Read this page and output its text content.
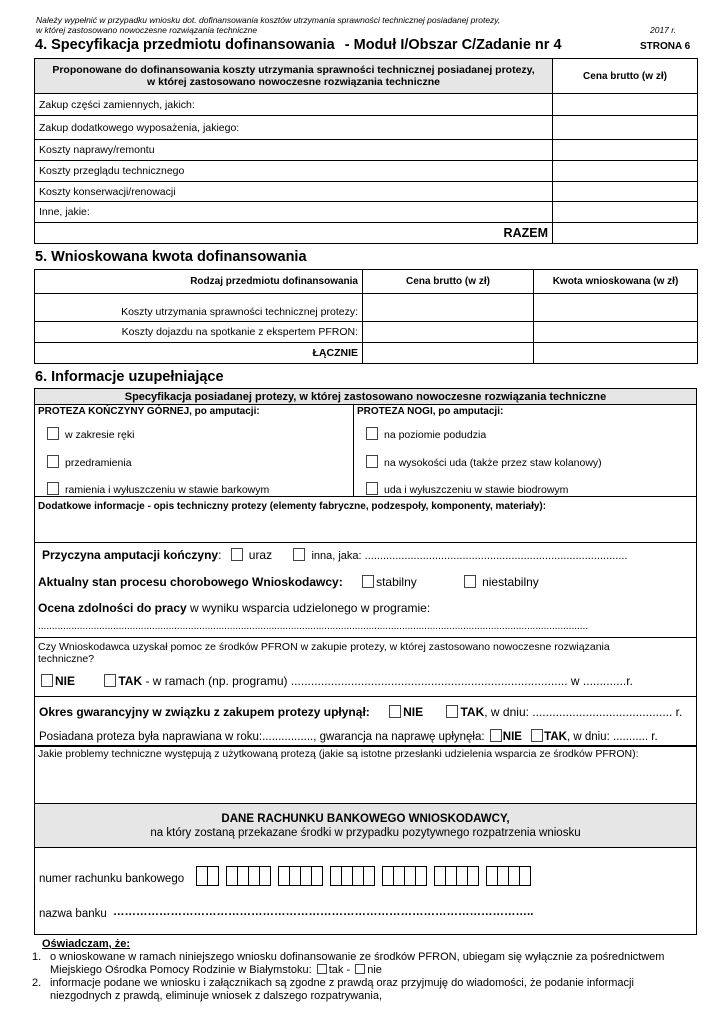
Należy wypełnić w przypadku wniosku dot. dofinansowania kosztów utrzymania sprawności technicznej posiadanej protezy,
w której zastosowano nowoczesne rozwiązania techniczne	2017 r.
4. Specyfikacja przedmiotu dofinansowania - Moduł I/Obszar C/Zadanie nr 4	STRONA 6
Proponowane do dofinansowania koszty utrzymania sprawności technicznej posiadanej protezy,
w której zastosowano nowoczesne rozwiązania techniczne	Cena brutto (w zł)
Zakup części zamiennych, jakich:	
Zakup dodatkowego wyposażenia, jakiego:	
Koszty naprawy/remontu	
Koszty przeglądu technicznego	
Koszty konserwacji/renowacji	
Inne, jakie:	
RAZEM	
5. Wnioskowana kwota dofinansowania
Rodzaj przedmiotu dofinansowania	Cena brutto (w zł)	Kwota wnioskowana (w zł)
Koszty utrzymania sprawności technicznej protezy:		
Koszty dojazdu na spotkanie z ekspertem PFRON:		
ŁĄCZNIE		
6. Informacje uzupełniające
Specyfikacja posiadanej protezy, w której zastosowano nowoczesne rozwiązania techniczne
PROTEZA KOŃCZYNY GÓRNEJ, po amputacji:
w zakresie ręki
przedramienia
ramienia i wyłuszczeniu w stawie barkowym
PROTEZA NOGI, po amputacji:
na poziomie podudzia
na wysokości uda (także przez staw kolanowy)
uda i wyłuszczeniu w stawie biodrowym
Dodatkowe informacje - opis techniczny protezy (elementy fabryczne, podzespoły, komponenty, materiały):
Przyczyna amputacji kończyny: uraz	inna, jaka: ......................................................................................
Aktualny stan procesu chorobowego Wnioskodawcy:	stabilny	niestabilny
Ocena zdolności do pracy w wyniku wsparcia udzielonego w programie:
......................................................................................................................................................................................................
Czy Wnioskodawca uzyskał pomoc ze środków PFRON w zakupie protezy, w której zastosowano nowoczesne rozwiązania
techniczne?
NIE	TAK - w ramach (np. programu) ................................................................................... w .............r.
Okres gwarancyjny w związku z zakupem protezy upłynął:	NIE	TAK, w dniu: .......................................... r.
Posiadana proteza była naprawiana w roku:................, gwarancja na naprawę upłynęła: NIE TAK, w dniu: ........... r.
Jakie problemy techniczne występują z użytkowaną protezą (jakie są istotne przesłanki udzielenia wsparcia ze środków PFRON):
DANE RACHUNKU BANKOWEGO WNIOSKODAWCY,
na który zostaną przekazane środki w przypadku pozytywnego rozpatrzenia wniosku
numer rachunku bankowego
nazwa banku ………………………………………………………………………………………………..
Oświadczam, że:
1. o wnioskowane w ramach niniejszego wniosku dofinansowanie ze środków PFRON, ubiegam się wyłącznie za pośrednictwem
Miejskiego Ośrodka Pomocy Rodzinie w Białymstoku: tak - nie
2. informacje podane we wniosku i załącznikach są zgodne z prawdą oraz przyjmuję do wiadomości, że podanie informacji
niezgodnych z prawdą, eliminuje wniosek z dalszego rozpatrywania,
